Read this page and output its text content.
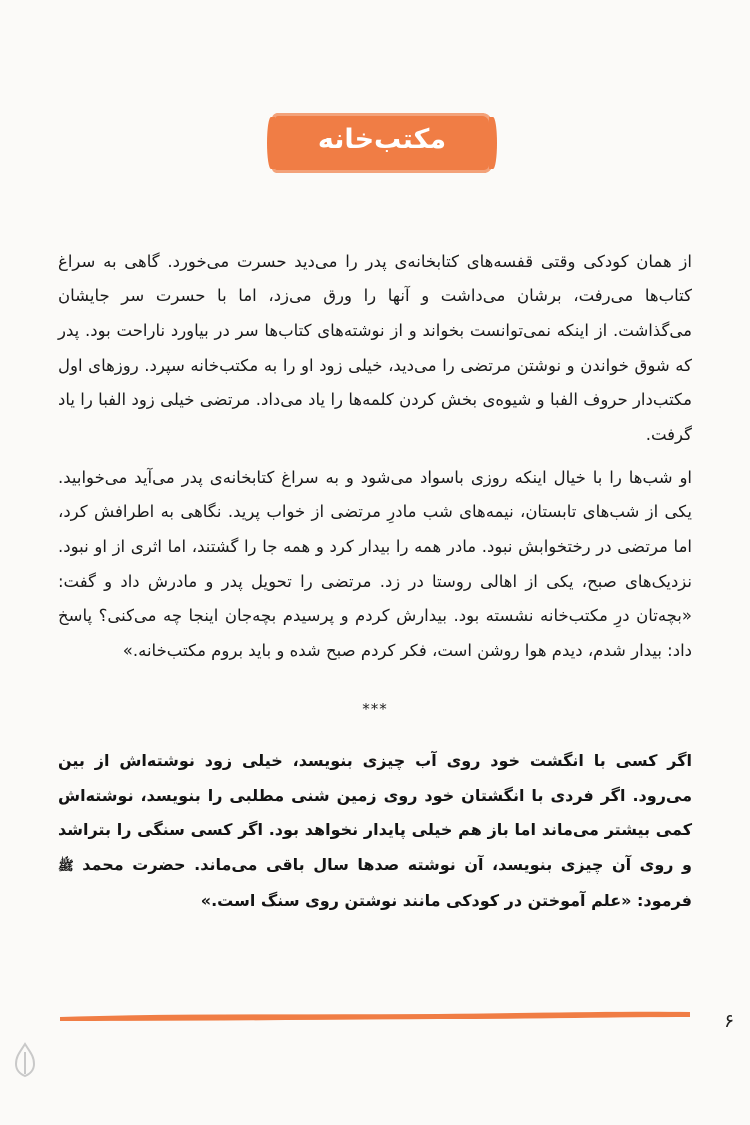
مکتب‌خانه

از همان کودکی وقتی قفسه‌های کتابخانه‌ی پدر را می‌دید حسرت می‌خورد. گاهی به سراغ کتاب‌ها می‌رفت، برشان می‌داشت و آنها را ورق می‌زد، اما با حسرت سر جایشان می‌گذاشت. از اینکه نمی‌توانست بخواند و از نوشته‌های کتاب‌ها سر در بیاورد ناراحت بود. پدر که شوق خواندن و نوشتن مرتضی را می‌دید، خیلی زود او را به مکتب‌خانه سپرد. روزهای اول مکتب‌دار حروف الفبا و شیوه‌ی بخش کردن کلمه‌ها را یاد می‌داد. مرتضی خیلی زود الفبا را یاد گرفت.

او شب‌ها را با خیال اینکه روزی باسواد می‌شود و به سراغ کتابخانه‌ی پدر می‌آید می‌خوابید. یکی از شب‌های تابستان، نیمه‌های شب مادرِ مرتضی از خواب پرید. نگاهی به اطرافش کرد، اما مرتضی در رختخوابش نبود. مادر همه را بیدار کرد و همه جا را گشتند، اما اثری از او نبود. نزدیک‌های صبح، یکی از اهالی روستا در زد. مرتضی را تحویل پدر و مادرش داد و گفت: «بچه‌تان درِ مکتب‌خانه نشسته بود. بیدارش کردم و پرسیدم بچه‌جان اینجا چه می‌کنی؟ پاسخ داد: بیدار شدم، دیدم هوا روشن است، فکر کردم صبح شده و باید بروم مکتب‌خانه.»

***

اگر کسی با انگشت خود روی آب چیزی بنویسد، خیلی زود نوشته‌اش از بین می‌رود. اگر فردی با انگشتان خود روی زمین شنی مطلبی را بنویسد، نوشته‌اش کمی بیشتر می‌ماند اما باز هم خیلی پایدار نخواهد بود. اگر کسی سنگی را بتراشد و روی آن چیزی بنویسد، آن نوشته صدها سال باقی می‌ماند. حضرت محمد ﷺ فرمود: «علم آموختن در کودکی مانند نوشتن روی سنگ است.»

۶
